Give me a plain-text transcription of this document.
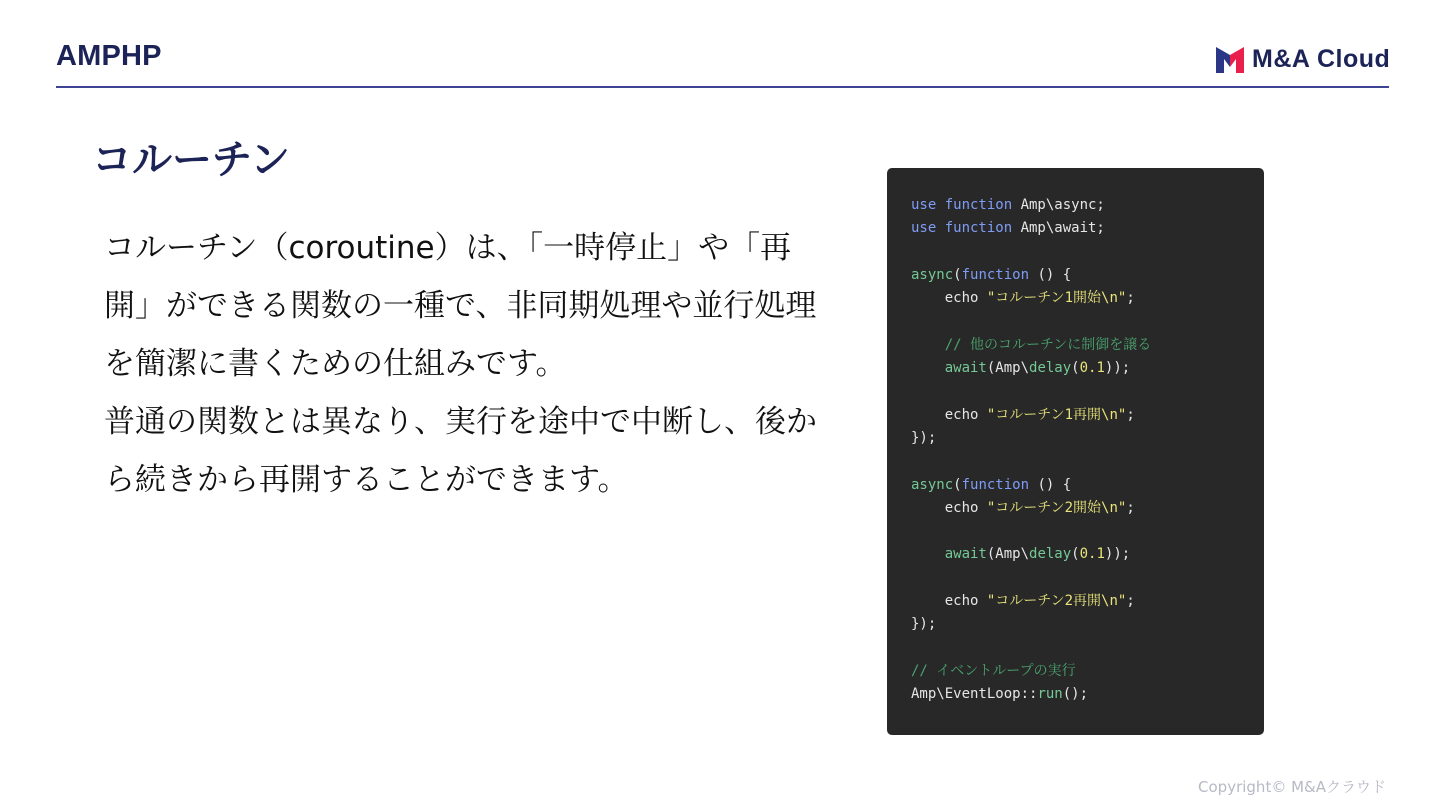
AMPHP	M&A Cloud
コルーチン

コルーチン（coroutine）は、「一時停止」や「再開」ができる関数の一種で、非同期処理や並行処理を簡潔に書くための仕組みです。

普通の関数とは異なり、実行を途中で中断し、後から続きから再開することができます。

use function Amp\async;
use function Amp\await;
async(function () {
echo "コルーチン1開始\n";
// 他のコルーチンに制御を譲る
await(Amp\delay(0.1));
echo "コルーチン1再開\n";
});
async(function () {
echo "コルーチン2開始\n";
await(Amp\delay(0.1));
echo "コルーチン2再開\n";
});
// イベントループの実行
Amp\EventLoop::run();
Copyright© M&Aクラウド
